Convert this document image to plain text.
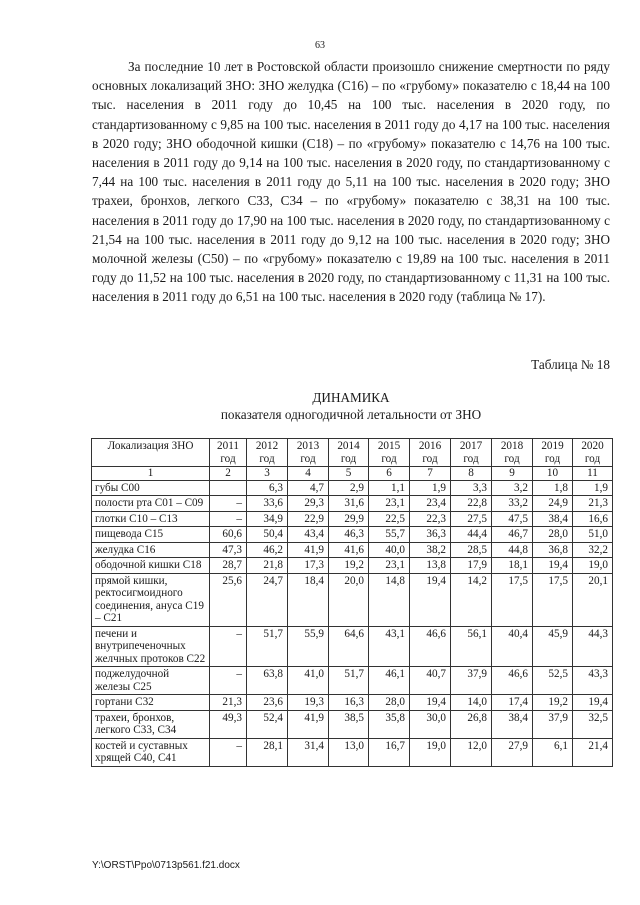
63

За последние 10 лет в Ростовской области произошло снижение смертности по ряду основных локализаций ЗНО: ЗНО желудка (С16) – по «грубому» показателю с 18,44 на 100 тыс. населения в 2011 году до 10,45 на 100 тыс. населения в 2020 году, по стандартизованному с 9,85 на 100 тыс. населения в 2011 году до 4,17 на 100 тыс. населения в 2020 году; ЗНО ободочной кишки (С18) – по «грубому» показателю с 14,76 на 100 тыс. населения в 2011 году до 9,14 на 100 тыс. населения в 2020 году, по стандартизованному с 7,44 на 100 тыс. населения в 2011 году до 5,11 на 100 тыс. населения в 2020 году; ЗНО трахеи, бронхов, легкого С33, С34 – по «грубому» показателю с 38,31 на 100 тыс. населения в 2011 году до 17,90 на 100 тыс. населения в 2020 году, по стандартизованному с 21,54 на 100 тыс. населения в 2011 году до 9,12 на 100 тыс. населения в 2020 году; ЗНО молочной железы (С50) – по «грубому» показателю с 19,89 на 100 тыс. населения в 2011 году до 11,52 на 100 тыс. населения в 2020 году, по стандартизованному с 11,31 на 100 тыс. населения в 2011 году до 6,51 на 100 тыс. населения в 2020 году (таблица № 17).

Таблица № 18
ДИНАМИКА
показателя одногодичной летальности от ЗНО
Локализация ЗНО	2011 год	2012 год	2013 год	2014 год	2015 год	2016 год	2017 год	2018 год	2019 год	2020 год
1	2	3	4	5	6	7	8	9	10	11
губы С00		6,3	4,7	2,9	1,1	1,9	3,3	3,2	1,8	1,9
полости рта С01 – С09	–	33,6	29,3	31,6	23,1	23,4	22,8	33,2	24,9	21,3
глотки С10 – С13	–	34,9	22,9	29,9	22,5	22,3	27,5	47,5	38,4	16,6
пищевода С15	60,6	50,4	43,4	46,3	55,7	36,3	44,4	46,7	28,0	51,0
желудка С16	47,3	46,2	41,9	41,6	40,0	38,2	28,5	44,8	36,8	32,2
ободочной кишки С18	28,7	21,8	17,3	19,2	23,1	13,8	17,9	18,1	19,4	19,0
прямой кишки, ректосигмоидного соединения, ануса С19 – С21	25,6	24,7	18,4	20,0	14,8	19,4	14,2	17,5	17,5	20,1
печени и внутрипеченочных желчных протоков С22	–	51,7	55,9	64,6	43,1	46,6	56,1	40,4	45,9	44,3
поджелудочной железы С25	–	63,8	41,0	51,7	46,1	40,7	37,9	46,6	52,5	43,3
гортани С32	21,3	23,6	19,3	16,3	28,0	19,4	14,0	17,4	19,2	19,4
трахеи, бронхов, легкого С33, С34	49,3	52,4	41,9	38,5	35,8	30,0	26,8	38,4	37,9	32,5
костей и суставных хрящей С40, С41	–	28,1	31,4	13,0	16,7	19,0	12,0	27,9	6,1	21,4
Y:\ORST\Ppo\0713p561.f21.docx
